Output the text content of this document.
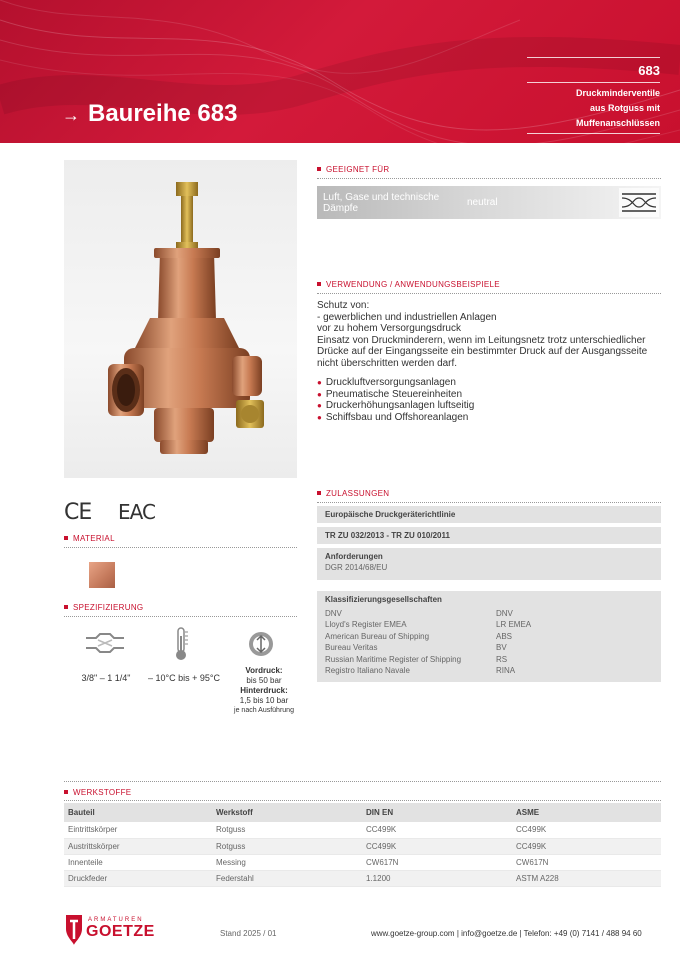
→ Baureihe 683
683
Druckminderventile
aus Rotguss mit
Muffenanschlüssen
GEEIGNET FÜR
Luft, Gase und technische Dämpfe
neutral
VERWENDUNG / ANWENDUNGSBEISPIELE
Schutz von:
- gewerblichen und industriellen Anlagen
vor zu hohem Versorgungsdruck
Einsatz von Druckminderern, wenn im Leitungsnetz trotz unterschiedlicher Drücke auf der Eingangsseite ein bestimmter Druck auf der Ausgangsseite nicht überschritten werden darf.
● Druckluftversorgungsanlagen
● Pneumatische Steuereinheiten
● Druckerhöhungsanlagen luftseitig
● Schiffsbau und Offshoreanlagen
CE EAC
MATERIAL
SPEZIFIZIERUNG
3/8" – 1 1/4"	– 10°C bis + 95°C
Vordruck:
bis 50 bar
Hinterdruck:
1,5 bis 10 bar
je nach Ausführung
ZULASSUNGEN
Europäische Druckgeräterichtlinie
TR ZU 032/2013 - TR ZU 010/2011
Anforderungen
DGR 2014/68/EU
Klassifizierungsgesellschaften
DNV	DNV
Lloyd's Register EMEA	LR EMEA
American Bureau of Shipping	ABS
Bureau Veritas	BV
Russian Maritime Register of Shipping	RS
Registro Italiano Navale	RINA
WERKSTOFFE
Bauteil	Werkstoff	DIN EN	ASME
Eintrittskörper	Rotguss	CC499K	CC499K
Austrittskörper	Rotguss	CC499K	CC499K
Innenteile	Messing	CW617N	CW617N
Druckfeder	Federstahl	1.1200	ASTM A228
ARMATUREN
GOETZE	Stand 2025 / 01	www.goetze-group.com | info@goetze.de | Telefon: +49 (0) 7141 / 488 94 60
